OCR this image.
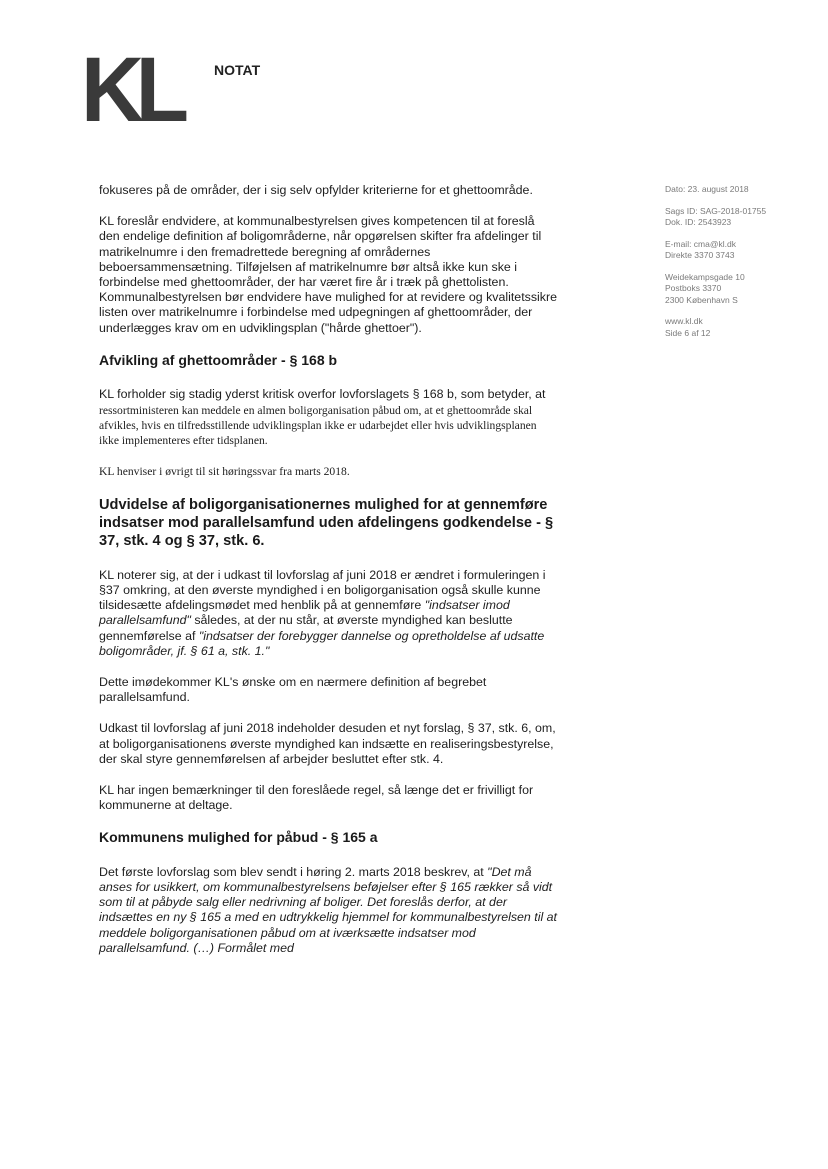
KL NOTAT
Dato: 23. august 2018
Sags ID: SAG-2018-01755
Dok. ID: 2543923
E-mail: cma@kl.dk
Direkte 3370 3743
Weidekampsgade 10
Postboks 3370
2300 København S
www.kl.dk
Side 6 af 12

fokuseres på de områder, der i sig selv opfylder kriterierne for et ghettoområde.

KL foreslår endvidere, at kommunalbestyrelsen gives kompetencen til at foreslå den endelige definition af boligområderne, når opgørelsen skifter fra afdelinger til matrikelnumre i den fremadrettede beregning af områdernes beboersammensætning. Tilføjelsen af matrikelnumre bør altså ikke kun ske i forbindelse med ghettoområder, der har været fire år i træk på ghettolisten. Kommunalbestyrelsen bør endvidere have mulighed for at revidere og kvalitetssikre listen over matrikelnumre i forbindelse med udpegningen af ghettoområder, der underlægges krav om en udviklingsplan ("hårde ghettoer").

Afvikling af ghettoområder - § 168 b

KL forholder sig stadig yderst kritisk overfor lovforslagets § 168 b, som betyder, at ressortministeren kan meddele en almen boligorganisation påbud om, at et ghettoområde skal afvikles, hvis en tilfredsstillende udviklingsplan ikke er udarbejdet eller hvis udviklingsplanen ikke implementeres efter tidsplanen.

KL henviser i øvrigt til sit høringssvar fra marts 2018.

Udvidelse af boligorganisationernes mulighed for at gennemføre indsatser mod parallelsamfund uden afdelingens godkendelse - § 37, stk. 4 og § 37, stk. 6.

KL noterer sig, at der i udkast til lovforslag af juni 2018 er ændret i formuleringen i §37 omkring, at den øverste myndighed i en boligorganisation også skulle kunne tilsidesætte afdelingsmødet med henblik på at gennemføre "indsatser imod parallelsamfund" således, at der nu står, at øverste myndighed kan beslutte gennemførelse af "indsatser der forebygger dannelse og opretholdelse af udsatte boligområder, jf. § 61 a, stk. 1."

Dette imødekommer KL's ønske om en nærmere definition af begrebet parallelsamfund.

Udkast til lovforslag af juni 2018 indeholder desuden et nyt forslag, § 37, stk. 6, om, at boligorganisationens øverste myndighed kan indsætte en realiseringsbestyrelse, der skal styre gennemførelsen af arbejder besluttet efter stk. 4.

KL har ingen bemærkninger til den foreslåede regel, så længe det er frivilligt for kommunerne at deltage.

Kommunens mulighed for påbud - § 165 a

Det første lovforslag som blev sendt i høring 2. marts 2018 beskrev, at "Det må anses for usikkert, om kommunalbestyrelsens beføjelser efter § 165 rækker så vidt som til at påbyde salg eller nedrivning af boliger. Det foreslås derfor, at der indsættes en ny § 165 a med en udtrykkelig hjemmel for kommunalbestyrelsen til at meddele boligorganisationen påbud om at iværksætte indsatser mod parallelsamfund. (…) Formålet med
